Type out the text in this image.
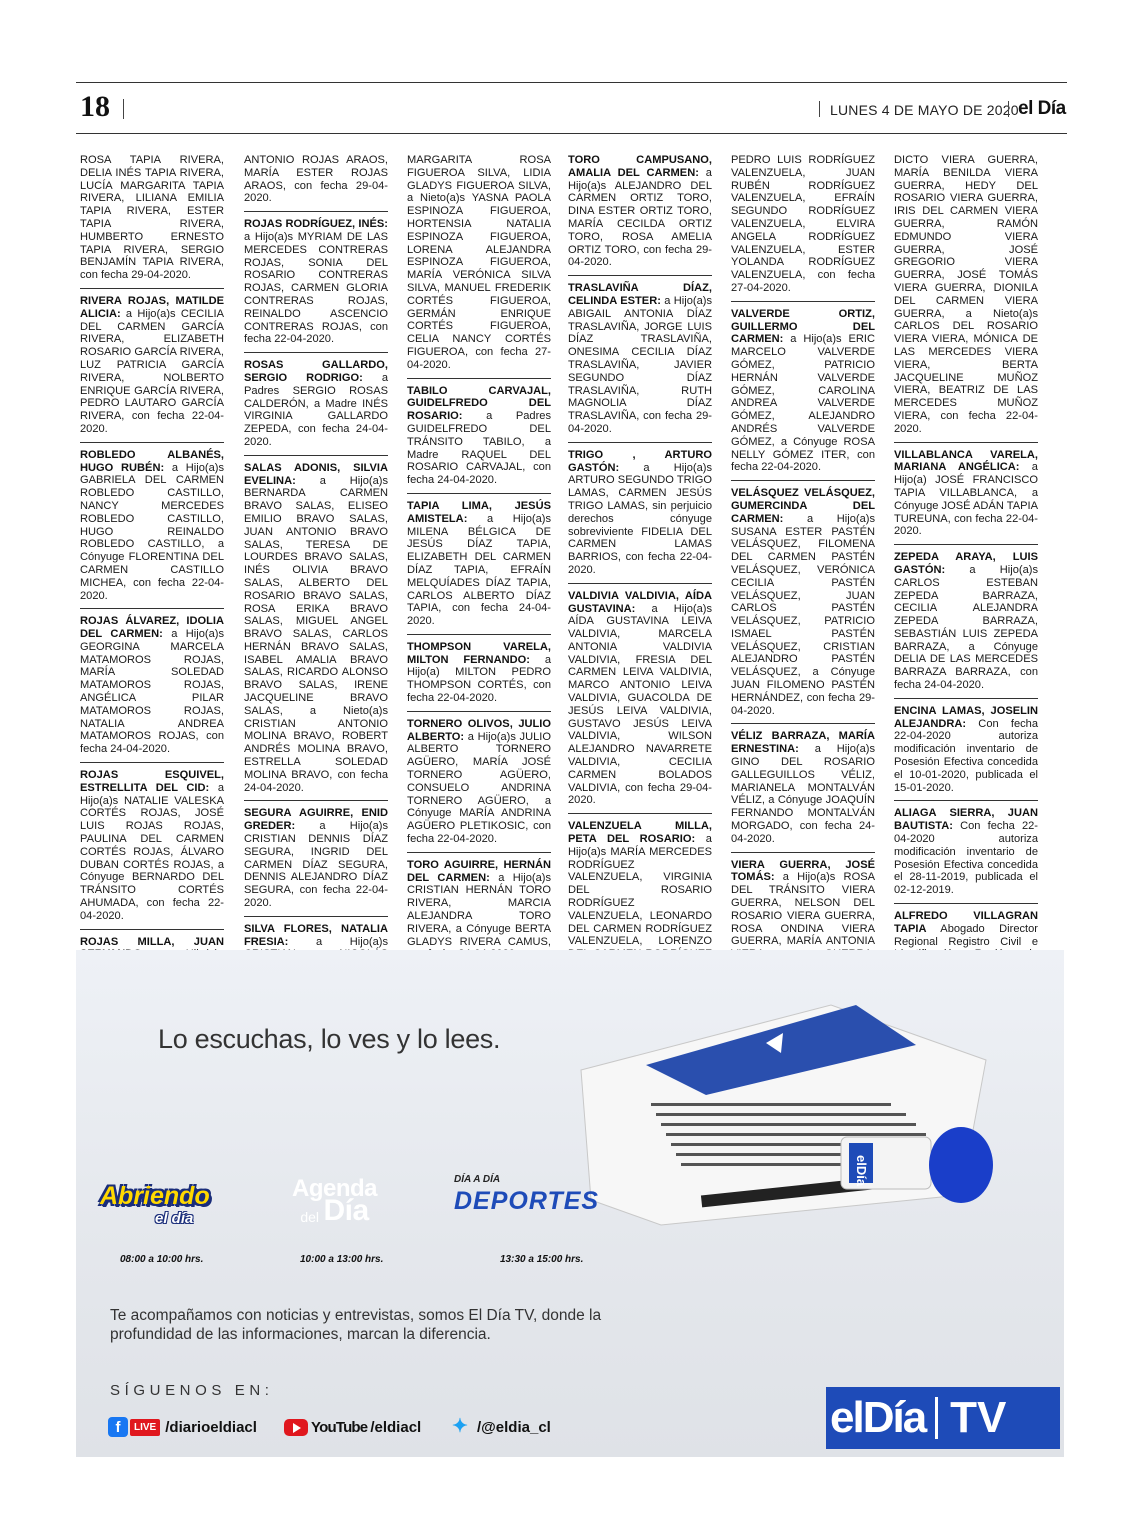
18	LUNES 4 DE MAYO DE 2020 el Día
ROSA TAPIA RIVERA, DELIA INÉS TAPIA RIVERA, LUCÍA MARGARITA TAPIA RIVERA, LILIANA EMILIA TAPIA RIVERA, ESTER TAPIA RIVERA, HUMBERTO ERNESTO TAPIA RIVERA, SERGIO BENJAMÍN TAPIA RIVERA, con fecha 29-04-2020.
RIVERA ROJAS, MATILDE ALICIA: a Hijo(a)s CECILIA DEL CARMEN GARCÍA RIVERA, ELIZABETH ROSARIO GARCÍA RIVERA, LUZ PATRICIA GARCÍA RIVERA, NOLBERTO ENRIQUE GARCÍA RIVERA, PEDRO LAUTARO GARCÍA RIVERA, con fecha 22-04-2020.
ROBLEDO ALBANÉS, HUGO RUBÉN: a Hijo(a)s GABRIELA DEL CARMEN ROBLEDO CASTILLO, NANCY MERCEDES ROBLEDO CASTILLO, HUGO REINALDO ROBLEDO CASTILLO, a Cónyuge FLORENTINA DEL CARMEN CASTILLO MICHEA, con fecha 22-04-2020.
ROJAS ÁLVAREZ, IDOLIA DEL CARMEN: a Hijo(a)s GEORGINA MARCELA MATAMOROS ROJAS, MARÍA SOLEDAD MATAMOROS ROJAS, ANGÉLICA PILAR MATAMOROS ROJAS, NATALIA ANDREA MATAMOROS ROJAS, con fecha 24-04-2020.
ROJAS ESQUIVEL, ESTRELLITA DEL CID: a Hijo(a)s NATALIE VALESKA CORTÉS ROJAS, JOSÉ LUIS ROJAS ROJAS, PAULINA DEL CARMEN CORTÉS ROJAS, ÁLVARO DUBAN CORTÉS ROJAS, a Cónyuge BERNARDO DEL TRÁNSITO CORTÉS AHUMADA, con fecha 22-04-2020.
ROJAS MILLA, JUAN
ANTONIO ROJAS ARAOS, MARÍA ESTER ROJAS ARAOS, con fecha 29-04-2020.
ROJAS RODRÍGUEZ, INÉS: a Hijo(a)s MYRIAM DE LAS MERCEDES CONTRERAS ROJAS, SONIA DEL ROSARIO CONTRERAS ROJAS, CARMEN GLORIA CONTRERAS ROJAS, REINALDO ASCENCIO CONTRERAS ROJAS, con fecha 22-04-2020.
ROSAS GALLARDO, SERGIO RODRIGO: a Padres SERGIO ROSAS CALDERÓN, a Madre INÉS VIRGINIA GALLARDO ZEPEDA, con fecha 24-04-2020.
SALAS ADONIS, SILVIA EVELINA: a Hijo(a)s BERNARDA CARMEN BRAVO SALAS, ELISEO EMILIO BRAVO SALAS, JUAN ANTONIO BRAVO SALAS, TERESA DE LOURDES BRAVO SALAS, INÉS OLIVIA BRAVO SALAS, ALBERTO DEL ROSARIO BRAVO SALAS, ROSA ERIKA BRAVO SALAS, MIGUEL ANGEL BRAVO SALAS, CARLOS HERNÁN BRAVO SALAS, ISABEL AMALIA BRAVO SALAS, RICARDO ALONSO BRAVO SALAS, IRENE JACQUELINE BRAVO SALAS, a Nieto(a)s CRISTIAN ANTONIO MOLINA BRAVO, ROBERT ANDRÉS MOLINA BRAVO, ESTRELLA SOLEDAD MOLINA BRAVO, con fecha 24-04-2020.
SEGURA AGUIRRE, ENID GREDER: a Hijo(a)s CRISTIAN DENNIS DÍAZ SEGURA, INGRID DEL CARMEN DÍAZ SEGURA, DENNIS ALEJANDRO DÍAZ SEGURA, con fecha 22-04-2020.
SILVA FLORES, NATALIA FRESIA: a Hijo(a)s
MARGARITA ROSA FIGUEROA SILVA, LIDIA GLADYS FIGUEROA SILVA, a Nieto(a)s YASNA PAOLA ESPINOZA FIGUEROA, HORTENSIA NATALIA ESPINOZA FIGUEROA, LORENA ALEJANDRA ESPINOZA FIGUEROA, MARÍA VERÓNICA SILVA SILVA, MANUEL FREDERIK CORTÉS FIGUEROA, GERMÁN ENRIQUE CORTÉS FIGUEROA, CELIA NANCY CORTÉS FIGUEROA, con fecha 27-04-2020.
TABILO CARVAJAL, GUIDELFREDO DEL ROSARIO: a Padres GUIDELFREDO DEL TRÁNSITO TABILO, a Madre RAQUEL DEL ROSARIO CARVAJAL, con fecha 24-04-2020.
TAPIA LIMA, JESÚS AMISTELA: a Hijo(a)s MILENA BÉLGICA DE JESÚS DÍAZ TAPIA, ELIZABETH DEL CARMEN DÍAZ TAPIA, EFRAÍN MELQUÍADES DÍAZ TAPIA, CARLOS ALBERTO DÍAZ TAPIA, con fecha 24-04-2020.
THOMPSON VARELA, MILTON FERNANDO: a Hijo(a) MILTON PEDRO THOMPSON CORTÉS, con fecha 22-04-2020.
TORNERO OLIVOS, JULIO ALBERTO: a Hijo(a)s JULIO ALBERTO TORNERO AGÜERO, MARÍA JOSÉ TORNERO AGÜERO, CONSUELO ANDRINA TORNERO AGÜERO, a Cónyuge MARÍA ANDRINA AGÜERO PLETIKOSIC, con fecha 22-04-2020.
TORO AGUIRRE, HERNÁN DEL CARMEN: a Hijo(a)s CRISTIAN HERNÁN TORO RIVERA, MARCIA ALEJANDRA TORO RIVERA, a Cónyuge BERTA GLADYS RIVERA CAMUS,
TORO CAMPUSANO, AMALIA DEL CARMEN: a Hijo(a)s ALEJANDRO DEL CARMEN ORTIZ TORO, DINA ESTER ORTIZ TORO, MARÍA CECILDA ORTIZ TORO, ROSA AMELIA ORTIZ TORO, con fecha 29-04-2020.
TRASLAVIÑA DÍAZ, CELINDA ESTER: a Hijo(a)s ABIGAIL ANTONIA DÍAZ TRASLAVIÑA, JORGE LUIS DÍAZ TRASLAVIÑA, ONESIMA CECILIA DÍAZ TRASLAVIÑA, JAVIER SEGUNDO DÍAZ TRASLAVIÑA, RUTH MAGNOLIA DÍAZ TRASLAVIÑA, con fecha 29-04-2020.
TRIGO , ARTURO GASTÓN: a Hijo(a)s ARTURO SEGUNDO TRIGO LAMAS, CARMEN JESÚS TRIGO LAMAS, sin perjuicio derechos cónyuge sobreviviente FIDELIA DEL CARMEN LAMAS BARRIOS, con fecha 22-04-2020.
VALDIVIA VALDIVIA, AÍDA GUSTAVINA: a Hijo(a)s AÍDA GUSTAVINA LEIVA VALDIVIA, MARCELA ANTONIA VALDIVIA VALDIVIA, FRESIA DEL CARMEN LEIVA VALDIVIA, MARCO ANTONIO LEIVA VALDIVIA, GUACOLDA DE JESÚS LEIVA VALDIVIA, GUSTAVO JESÚS LEIVA VALDIVIA, WILSON ALEJANDRO NAVARRETE VALDIVIA, CECILIA CARMEN BOLADOS VALDIVIA, con fecha 29-04-2020.
VALENZUELA MILLA, PETA DEL ROSARIO: a Hijo(a)s MARÍA MERCEDES RODRÍGUEZ VALENZUELA, VIRGINIA DEL ROSARIO RODRÍGUEZ VALENZUELA, LEONARDO DEL CARMEN RODRÍGUEZ VALENZUELA, LORENZO
PEDRO LUIS RODRÍGUEZ VALENZUELA, JUAN RUBÉN RODRÍGUEZ VALENZUELA, EFRAÍN SEGUNDO RODRÍGUEZ VALENZUELA, ELVIRA ANGELA RODRÍGUEZ VALENZUELA, ESTER YOLANDA RODRÍGUEZ VALENZUELA, con fecha 27-04-2020.
VALVERDE ORTIZ, GUILLERMO DEL CARMEN: a Hijo(a)s ERIC MARCELO VALVERDE GÓMEZ, PATRICIO HERNÁN VALVERDE GÓMEZ, CAROLINA ANDREA VALVERDE GÓMEZ, ALEJANDRO ANDRÉS VALVERDE GÓMEZ, a Cónyuge ROSA NELLY GÓMEZ ITER, con fecha 22-04-2020.
VELÁSQUEZ VELÁSQUEZ, GUMERCINDA DEL CARMEN: a Hijo(a)s SUSANA ESTER PASTÉN VELÁSQUEZ, FILOMENA DEL CARMEN PASTÉN VELÁSQUEZ, VERÓNICA CECILIA PASTÉN VELÁSQUEZ, JUAN CARLOS PASTÉN VELÁSQUEZ, PATRICIO ISMAEL PASTÉN VELÁSQUEZ, CRISTIAN ALEJANDRO PASTÉN VELÁSQUEZ, a Cónyuge JUAN FILOMENO PASTÉN HERNÁNDEZ, con fecha 29-04-2020.
VÉLIZ BARRAZA, MARÍA ERNESTINA: a Hijo(a)s GINO DEL ROSARIO GALLEGUILLOS VÉLIZ, MARIANELA MONTALVÁN VÉLIZ, a Cónyuge JOAQUÍN FERNANDO MONTALVÁN MORGADO, con fecha 24-04-2020.
VIERA GUERRA, JOSÉ TOMÁS: a Hijo(a)s ROSA DEL TRÁNSITO VIERA GUERRA, NELSON DEL ROSARIO VIERA GUERRA, ROSA ONDINA VIERA GUERRA, MARÍA ANTONIA
DICTO VIERA GUERRA, MARÍA BENILDA VIERA GUERRA, HEDY DEL ROSARIO VIERA GUERRA, IRIS DEL CARMEN VIERA GUERRA, RAMÓN EDMUNDO VIERA GUERRA, JOSÉ GREGORIO VIERA GUERRA, JOSÉ TOMÁS VIERA GUERRA, DIONILA DEL CARMEN VIERA GUERRA, a Nieto(a)s CARLOS DEL ROSARIO VIERA VIERA, MÓNICA DE LAS MERCEDES VIERA VIERA, BERTA JACQUELINE MUÑOZ VIERA, BEATRIZ DE LAS MERCEDES MUÑOZ VIERA, con fecha 22-04-2020.
VILLABLANCA VARELA, MARIANA ANGÉLICA: a Hijo(a) JOSÉ FRANCISCO TAPIA VILLABLANCA, a Cónyuge JOSÉ ADÁN TAPIA TUREUNA, con fecha 22-04-2020.
ZEPEDA ARAYA, LUIS GASTÓN: a Hijo(a)s CARLOS ESTEBAN ZEPEDA BARRAZA, CECILIA ALEJANDRA ZEPEDA BARRAZA, SEBASTIÁN LUIS ZEPEDA BARRAZA, a Cónyuge DELIA DE LAS MERCEDES BARRAZA BARRAZA, con fecha 24-04-2020.
ENCINA LAMAS, JOSELIN ALEJANDRA: Con fecha 22-04-2020 autoriza modificación inventario de Posesión Efectiva concedida el 10-01-2020, publicada el 15-01-2020.
ALIAGA SIERRA, JUAN BAUTISTA: Con fecha 22-04-2020 autoriza modificación inventario de Posesión Efectiva concedida el 28-11-2019, publicada el 02-12-2019.
ALFREDO VILLAGRAN TAPIA Abogado Director Regional Registro Civil e
Lo escuchas, lo ves y lo lees.
elDía
Abriendo
el día
Agenda
del Día
DÍA A DÍA
DEPORTES
08:00 a 10:00 hrs.	10:00 a 13:00 hrs.	13:30 a 15:00 hrs.
Te acompañamos con noticias y entrevistas, somos El Día TV, donde la profundidad de las informaciones, marcan la diferencia.
SÍGUENOS EN:
f	LIVE /diarioeldiacl	YouTube /eldiacl ✦ /@eldia_cl	elDía TV
